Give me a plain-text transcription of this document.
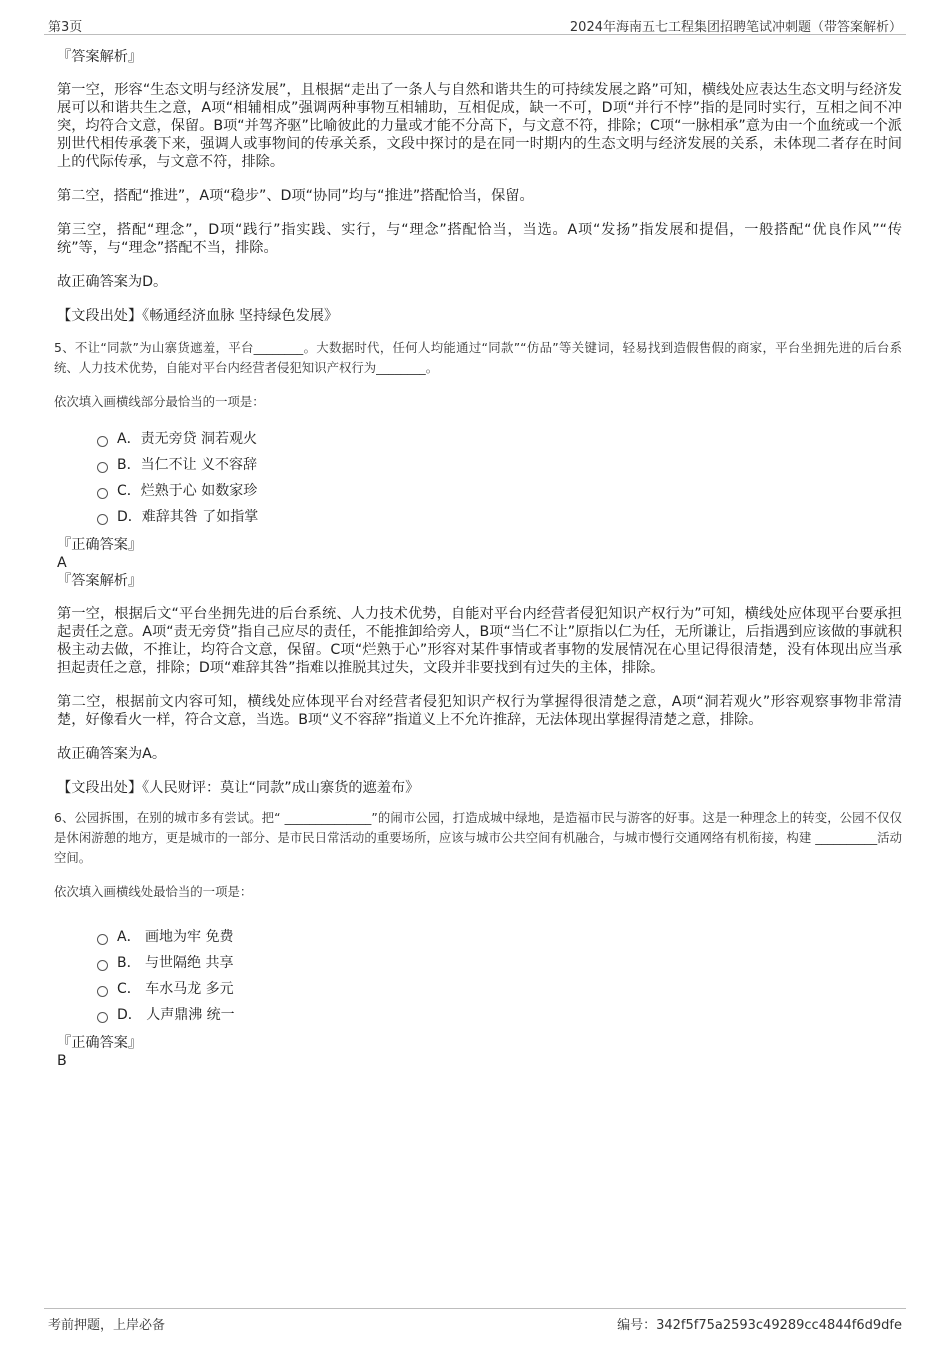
第3页	2024年海南五七工程集团招聘笔试冲刺题（带答案解析）

『答案解析』

第一空，形容“生态文明与经济发展”，且根据“走出了一条人与自然和谐共生的可持续发展之路”可知，横线处应表达生态文明与经济发展可以和谐共生之意，A项“相辅相成”强调两种事物互相辅助，互相促成，缺一不可，D项“并行不悖”指的是同时实行，互相之间不冲突，均符合文意，保留。B项“并驾齐驱”比喻彼此的力量或才能不分高下，与文意不符，排除；C项“一脉相承”意为由一个血统或一个派别世代相传承袭下来，强调人或事物间的传承关系，文段中探讨的是在同一时期内的生态文明与经济发展的关系，未体现二者存在时间上的代际传承，与文意不符，排除。

第二空，搭配“推进”，A项“稳步”、D项“协同”均与“推进”搭配恰当，保留。

第三空，搭配“理念”，D项“践行”指实践、实行，与“理念”搭配恰当，当选。A项“发扬”指发展和提倡，一般搭配“优良作风”“传统”等，与“理念”搭配不当，排除。

故正确答案为D。

【文段出处】《畅通经济血脉 坚持绿色发展》

5、不让“同款”为山寨货遮羞，平台________。大数据时代，任何人均能通过“同款”“仿品”等关键词，轻易找到造假售假的商家，平台坐拥先进的后台系统、人力技术优势，自能对平台内经营者侵犯知识产权行为________。

依次填入画横线部分最恰当的一项是：

A．责无旁贷 洞若观火
B．当仁不让 义不容辞
C．烂熟于心 如数家珍
D．难辞其咎 了如指掌

『正确答案』

A

『答案解析』

第一空，根据后文“平台坐拥先进的后台系统、人力技术优势，自能对平台内经营者侵犯知识产权行为”可知，横线处应体现平台要承担起责任之意。A项“责无旁贷”指自己应尽的责任，不能推卸给旁人，B项“当仁不让”原指以仁为任，无所谦让，后指遇到应该做的事就积极主动去做，不推让，均符合文意，保留。C项“烂熟于心”形容对某件事情或者事物的发展情况在心里记得很清楚，没有体现出应当承担起责任之意，排除；D项“难辞其咎”指难以推脱其过失，文段并非要找到有过失的主体，排除。

第二空，根据前文内容可知，横线处应体现平台对经营者侵犯知识产权行为掌握得很清楚之意，A项“洞若观火”形容观察事物非常清楚，好像看火一样，符合文意，当选。B项“义不容辞”指道义上不允许推辞，无法体现出掌握得清楚之意，排除。

故正确答案为A。

【文段出处】《人民财评：莫让“同款”成山寨货的遮羞布》

6、公园拆围，在别的城市多有尝试。把“ ______________”的闹市公园，打造成城中绿地，是造福市民与游客的好事。这是一种理念上的转变，公园不仅仅是休闲游憩的地方，更是城市的一部分、是市民日常活动的重要场所，应该与城市公共空间有机融合，与城市慢行交通网络有机衔接，构建 __________活动空间。

依次填入画横线处最恰当的一项是：

A． 画地为牢 免费
B． 与世隔绝 共享
C． 车水马龙 多元
D． 人声鼎沸 统一

『正确答案』

B

考前押题，上岸必备	编号：342f5f75a2593c49289cc4844f6d9dfe
